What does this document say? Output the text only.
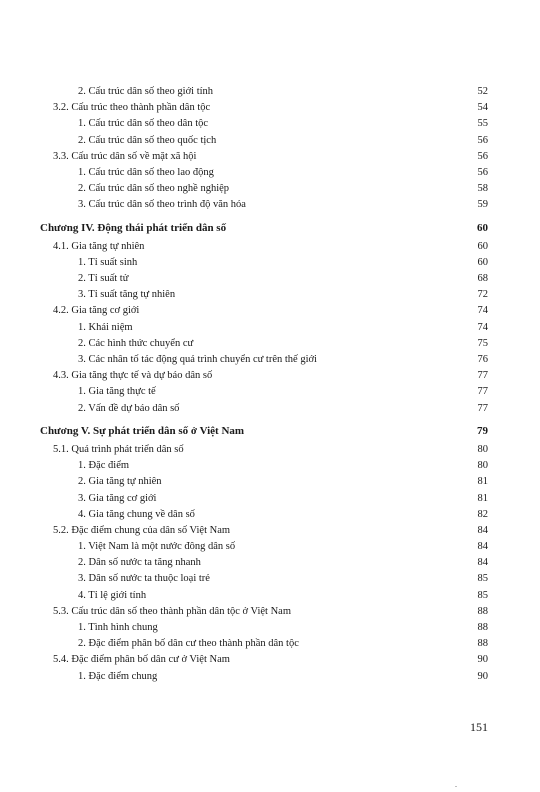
2. Cấu trúc dân số theo giới tính	52
3.2. Cấu trúc theo thành phần dân tộc	54
1. Cấu trúc dân số theo dân tộc	55
2. Cấu trúc dân số theo quốc tịch	56
3.3. Cấu trúc dân số về mặt xã hội	56
1. Cấu trúc dân số theo lao động	56
2. Cấu trúc dân số theo nghề nghiệp	58
3. Cấu trúc dân số theo trình độ văn hóa	59
Chương IV. Động thái phát triển dân số	60
4.1. Gia tăng tự nhiên	60
1. Tỉ suất sinh	60
2. Tỉ suất tử	68
3. Tỉ suất tăng tự nhiên	72
4.2. Gia tăng cơ giới	74
1. Khái niệm	74
2. Các hình thức chuyển cư	75
3. Các nhân tố tác động quá trình chuyển cư trên thế giới	76
4.3. Gia tăng thực tế và dự báo dân số	77
1. Gia tăng thực tế	77
2. Vấn đề dự báo dân số	77
Chương V. Sự phát triển dân số ở Việt Nam	79
5.1. Quá trình phát triển dân số	80
1. Đặc điểm	80
2. Gia tăng tự nhiên	81
3. Gia tăng cơ giới	81
4. Gia tăng chung về dân số	82
5.2. Đặc điểm chung của dân số Việt Nam	84
1. Việt Nam là một nước đông dân số	84
2. Dân số nước ta tăng nhanh	84
3. Dân số nước ta thuộc loại trẻ	85
4. Tỉ lệ giới tính	85
5.3. Cấu trúc dân số theo thành phần dân tộc ở Việt Nam	88
1. Tình hình chung	88
2. Đặc điểm phân bố dân cư theo thành phần dân tộc	88
5.4. Đặc điểm phân bố dân cư ở Việt Nam	90
1. Đặc điểm chung	90
151
.
